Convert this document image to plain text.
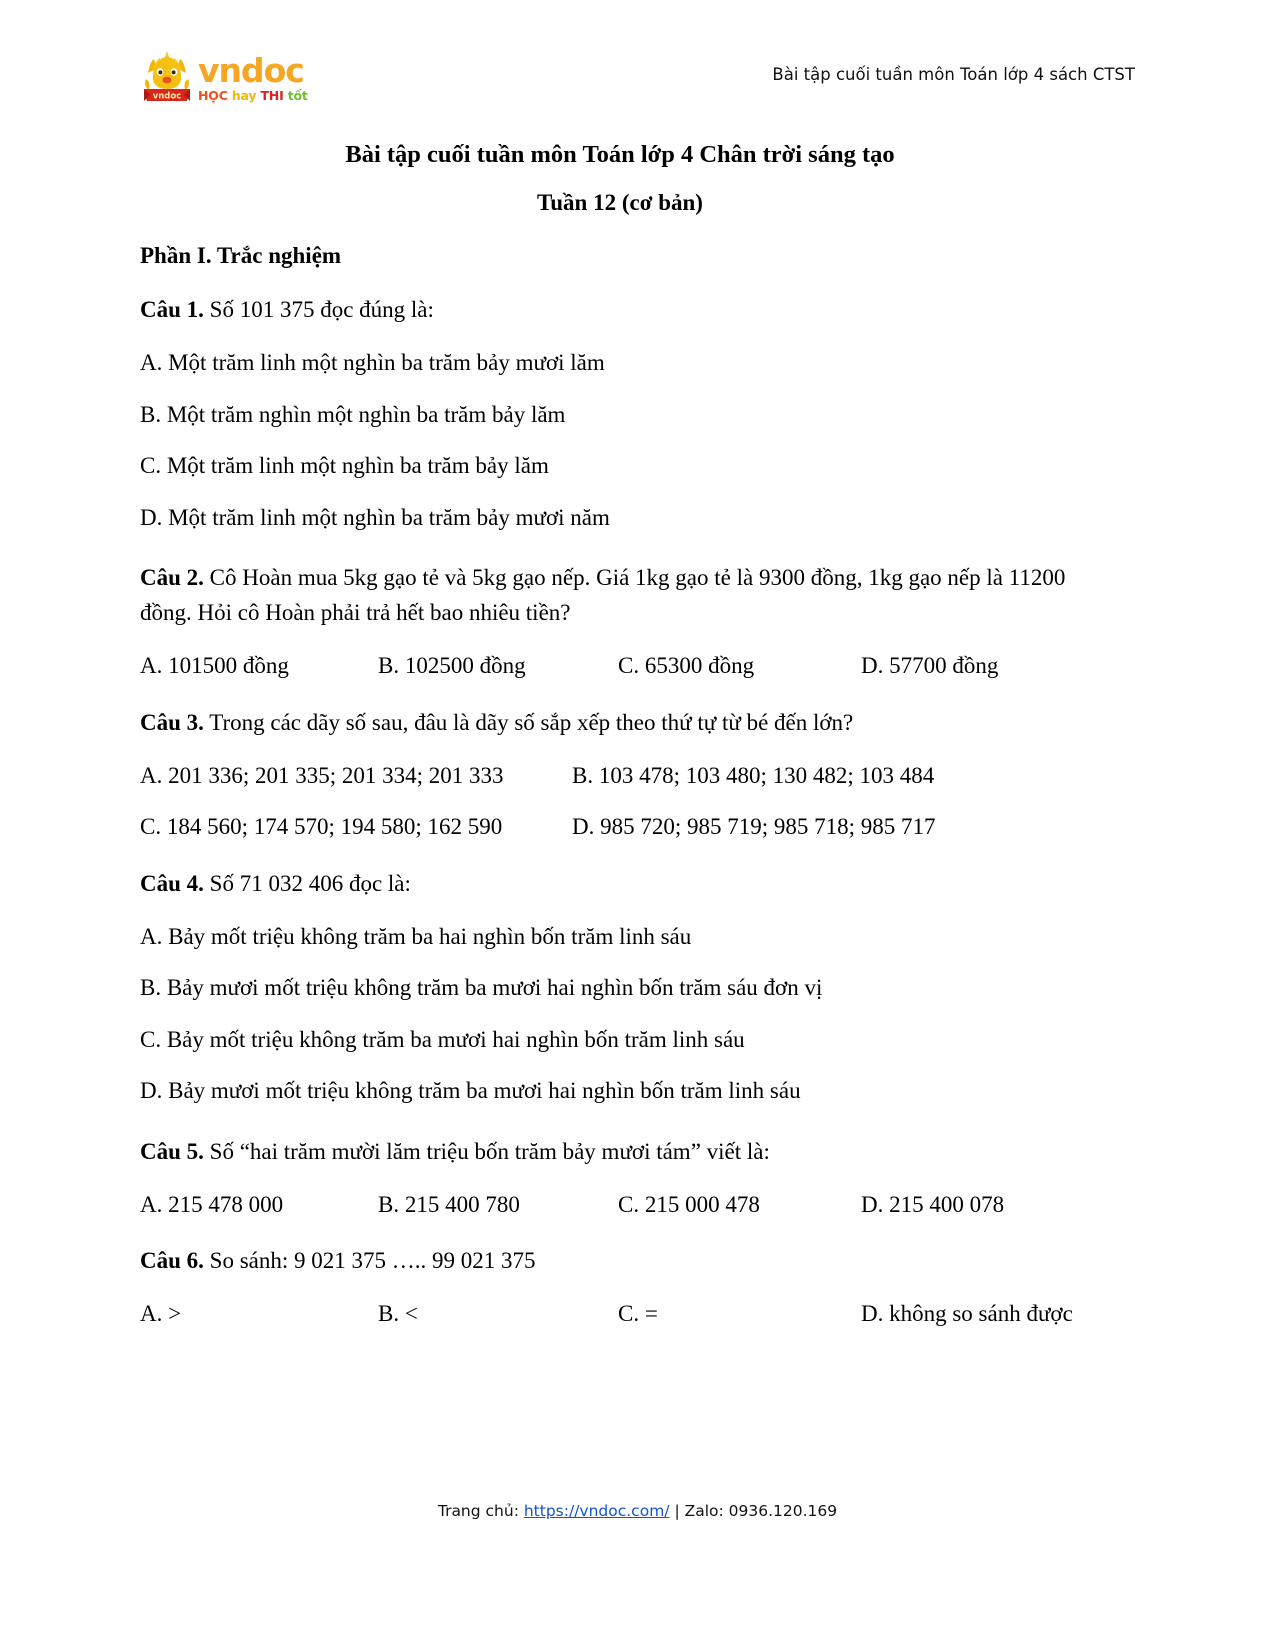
vndoc
vndoc
HỌC hay THI tốt
Bài tập cuối tuần môn Toán lớp 4 sách CTST
Bài tập cuối tuần môn Toán lớp 4 Chân trời sáng tạo
Tuần 12 (cơ bản)
Phần I. Trắc nghiệm

Câu 1. Số 101 375 đọc đúng là:

A. Một trăm linh một nghìn ba trăm bảy mươi lăm

B. Một trăm nghìn một nghìn ba trăm bảy lăm

C. Một trăm linh một nghìn ba trăm bảy lăm

D. Một trăm linh một nghìn ba trăm bảy mươi năm

Câu 2. Cô Hoàn mua 5kg gạo tẻ và 5kg gạo nếp. Giá 1kg gạo tẻ là 9300 đồng, 1kg gạo nếp là 11200 đồng. Hỏi cô Hoàn phải trả hết bao nhiêu tiền?

A. 101500 đồng	B. 102500 đồng	C. 65300 đồng	D. 57700 đồng

Câu 3. Trong các dãy số sau, đâu là dãy số sắp xếp theo thứ tự từ bé đến lớn?

A. 201 336; 201 335; 201 334; 201 333	B. 103 478; 103 480; 130 482; 103 484

C. 184 560; 174 570; 194 580; 162 590	D. 985 720; 985 719; 985 718; 985 717

Câu 4. Số 71 032 406 đọc là:

A. Bảy mốt triệu không trăm ba hai nghìn bốn trăm linh sáu

B. Bảy mươi mốt triệu không trăm ba mươi hai nghìn bốn trăm sáu đơn vị

C. Bảy mốt triệu không trăm ba mươi hai nghìn bốn trăm linh sáu

D. Bảy mươi mốt triệu không trăm ba mươi hai nghìn bốn trăm linh sáu

Câu 5. Số “hai trăm mười lăm triệu bốn trăm bảy mươi tám” viết là:

A. 215 478 000	B. 215 400 780	C. 215 000 478	D. 215 400 078

Câu 6. So sánh: 9 021 375 ….. 99 021 375

A. >	B. <	C. =	D. không so sánh được

Trang chủ: https://vndoc.com/ | Zalo: 0936.120.169
